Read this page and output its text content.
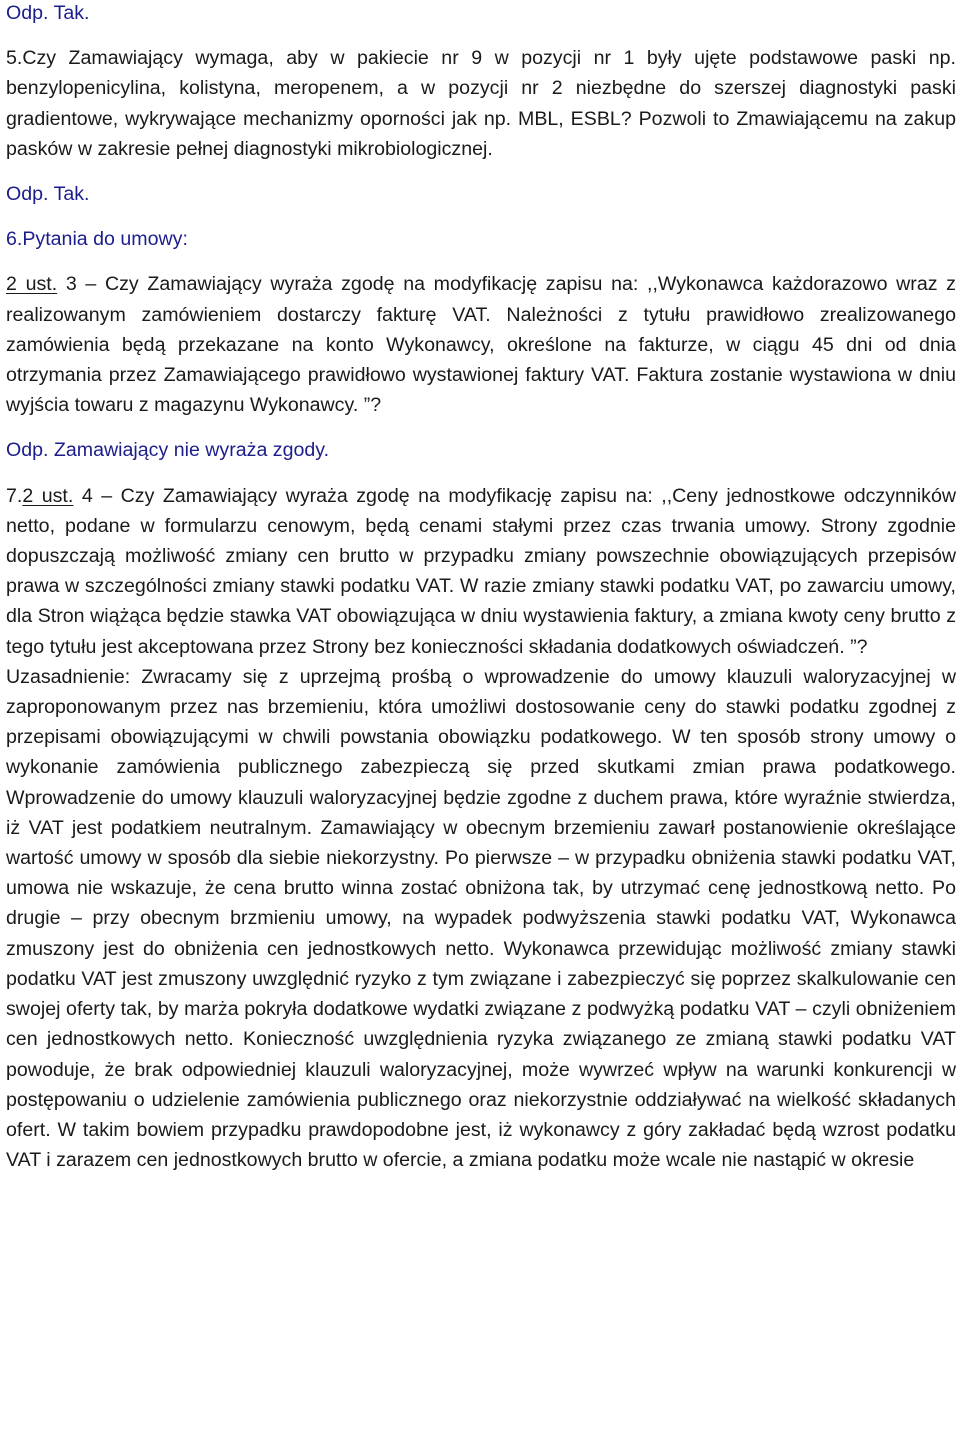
Odp. Tak.

5.Czy Zamawiający wymaga, aby w pakiecie nr 9 w pozycji nr 1 były ujęte podstawowe paski np. benzylopenicylina, kolistyna, meropenem, a w pozycji nr 2 niezbędne do szerszej diagnostyki paski gradientowe, wykrywające mechanizmy oporności jak np. MBL, ESBL? Pozwoli to Zmawiającemu na zakup pasków w zakresie pełnej diagnostyki mikrobiologicznej.

Odp. Tak.

6.Pytania do umowy:

2 ust. 3 – Czy Zamawiający wyraża zgodę na modyfikację zapisu na: ,,Wykonawca każdorazowo wraz z realizowanym zamówieniem dostarczy fakturę VAT. Należności z tytułu prawidłowo zrealizowanego zamówienia będą przekazane na konto Wykonawcy, określone na fakturze, w ciągu 45 dni od dnia otrzymania przez Zamawiającego prawidłowo wystawionej faktury VAT. Faktura zostanie wystawiona w dniu wyjścia towaru z magazynu Wykonawcy. ”?

Odp. Zamawiający nie wyraża zgody.

7.2 ust. 4 – Czy Zamawiający wyraża zgodę na modyfikację zapisu na: ,,Ceny jednostkowe odczynników netto, podane w formularzu cenowym, będą cenami stałymi przez czas trwania umowy. Strony zgodnie dopuszczają możliwość zmiany cen brutto w przypadku zmiany powszechnie obowiązujących przepisów prawa w szczególności zmiany stawki podatku VAT. W razie zmiany stawki podatku VAT, po zawarciu umowy, dla Stron wiążąca będzie stawka VAT obowiązująca w dniu wystawienia faktury, a zmiana kwoty ceny brutto z tego tytułu jest akceptowana przez Strony bez konieczności składania dodatkowych oświadczeń. ”?

Uzasadnienie: Zwracamy się z uprzejmą prośbą o wprowadzenie do umowy klauzuli waloryzacyjnej w zaproponowanym przez nas brzemieniu, która umożliwi dostosowanie ceny do stawki podatku zgodnej z przepisami obowiązującymi w chwili powstania obowiązku podatkowego. W ten sposób strony umowy o wykonanie zamówienia publicznego zabezpieczą się przed skutkami zmian prawa podatkowego. Wprowadzenie do umowy klauzuli waloryzacyjnej będzie zgodne z duchem prawa, które wyraźnie stwierdza, iż VAT jest podatkiem neutralnym. Zamawiający w obecnym brzemieniu zawarł postanowienie określające wartość umowy w sposób dla siebie niekorzystny. Po pierwsze – w przypadku obniżenia stawki podatku VAT, umowa nie wskazuje, że cena brutto winna zostać obniżona tak, by utrzymać cenę jednostkową netto. Po drugie – przy obecnym brzmieniu umowy, na wypadek podwyższenia stawki podatku VAT, Wykonawca zmuszony jest do obniżenia cen jednostkowych netto. Wykonawca przewidując możliwość zmiany stawki podatku VAT jest zmuszony uwzględnić ryzyko z tym związane i zabezpieczyć się poprzez skalkulowanie cen swojej oferty tak, by marża pokryła dodatkowe wydatki związane z podwyżką podatku VAT – czyli obniżeniem cen jednostkowych netto. Konieczność uwzględnienia ryzyka związanego ze zmianą stawki podatku VAT powoduje, że brak odpowiedniej klauzuli waloryzacyjnej, może wywrzeć wpływ na warunki konkurencji w postępowaniu o udzielenie zamówienia publicznego oraz niekorzystnie oddziaływać na wielkość składanych ofert. W takim bowiem przypadku prawdopodobne jest, iż wykonawcy z góry zakładać będą wzrost podatku VAT i zarazem cen jednostkowych brutto w ofercie, a zmiana podatku może wcale nie nastąpić w okresie
